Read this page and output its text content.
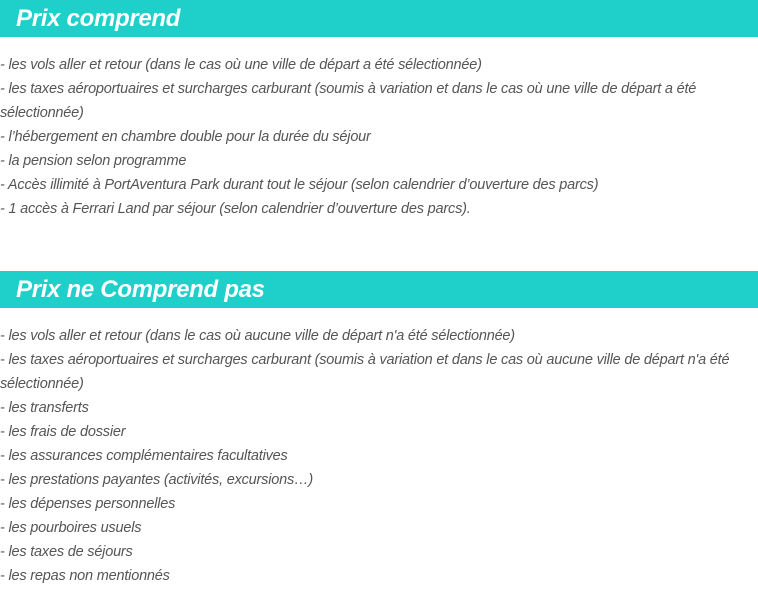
Prix comprend
- les vols aller et retour (dans le cas où une ville de départ a été sélectionnée)
- les taxes aéroportuaires et surcharges carburant (soumis à variation et dans le cas où une ville de départ a été sélectionnée)
- l’hébergement en chambre double pour la durée du séjour
- la pension selon programme
- Accès illimité à PortAventura Park durant tout le séjour (selon calendrier d’ouverture des parcs)
- 1 accès à Ferrari Land par séjour (selon calendrier d’ouverture des parcs).
Prix ne Comprend pas
- les vols aller et retour (dans le cas où aucune ville de départ n'a été sélectionnée)
- les taxes aéroportuaires et surcharges carburant (soumis à variation et dans le cas où aucune ville de départ n'a été sélectionnée)
- les transferts
- les frais de dossier
- les assurances complémentaires facultatives
- les prestations payantes (activités, excursions…)
- les dépenses personnelles
- les pourboires usuels
- les taxes de séjours
- les repas non mentionnés
